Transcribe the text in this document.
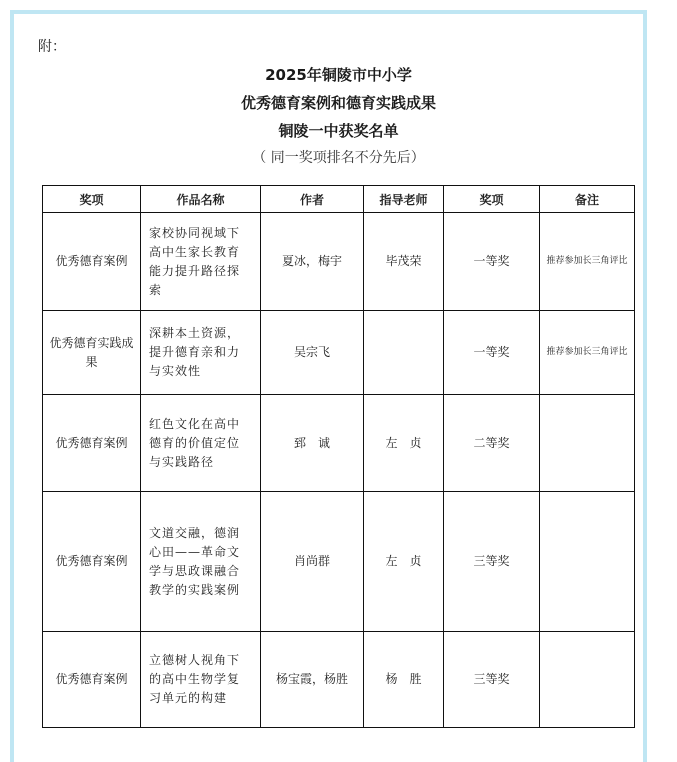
附：
2025年铜陵市中小学
优秀德育案例和德育实践成果
铜陵一中获奖名单
（ 同一奖项排名不分先后）
奖项	作品名称	作者	指导老师	奖项	备注
优秀德育案例	家校协同视域下高中生家长教育能力提升路径探索	夏冰，梅宇	毕茂荣	一等奖	推荐参加长三角评比
优秀德育实践成果	深耕本土资源，提升德育亲和力与实效性	吴宗飞		一等奖	推荐参加长三角评比
优秀德育案例	红色文化在高中德育的价值定位与实践路径	郅　诚	左　贞	二等奖	
优秀德育案例	文道交融，德润心田——革命文学与思政课融合教学的实践案例	肖尚群	左　贞	三等奖	
优秀德育案例	立德树人视角下的高中生物学复习单元的构建	杨宝霞，杨胜	杨　胜	三等奖	
